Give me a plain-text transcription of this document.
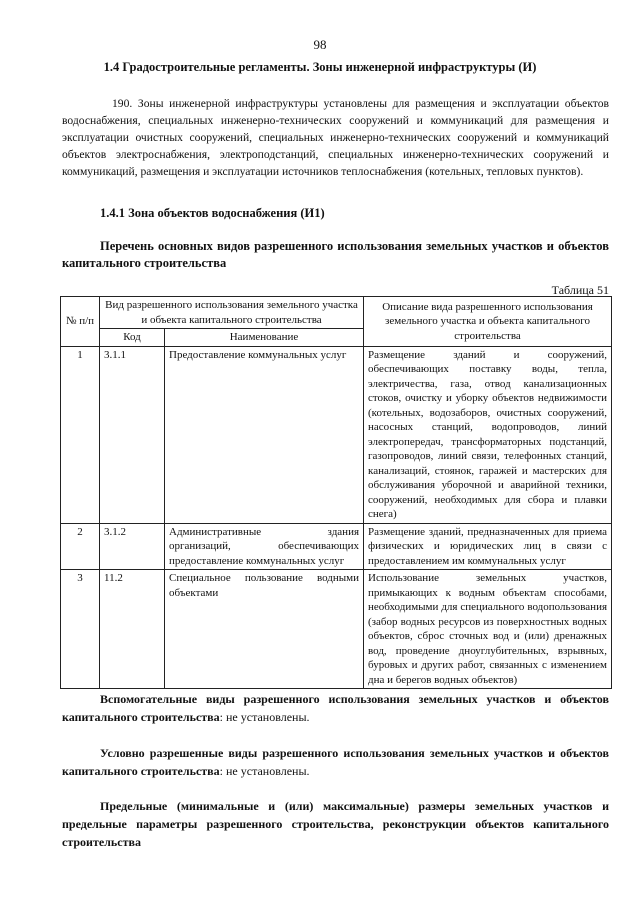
98
1.4 Градостроительные регламенты. Зоны инженерной инфраструктуры (И)

190. Зоны инженерной инфраструктуры установлены для размещения и эксплуатации объектов водоснабжения, специальных инженерно-технических сооружений и коммуникаций для размещения и эксплуатации очистных сооружений, специальных инженерно-технических сооружений и коммуникаций объектов электроснабжения, электроподстанций, специальных инженерно-технических сооружений и коммуникаций, размещения и эксплуатации источников теплоснабжения (котельных, тепловых пунктов).

1.4.1 Зона объектов водоснабжения (И1)

Перечень основных видов разрешенного использования земельных участков и объектов капитального строительства

Таблица 51
№ п/п	Вид разрешенного использования земельного участка и объекта капитального строительства		Описание вида разрешенного использования земельного участка и объекта капитального строительства
	Код	Наименование	
1	3.1.1	Предоставление коммунальных услуг	Размещение зданий и сооружений, обеспечивающих поставку воды, тепла, электричества, газа, отвод канализационных стоков, очистку и уборку объектов недвижимости (котельных, водозаборов, очистных сооружений, насосных станций, водопроводов, линий электропередач, трансформаторных подстанций, газопроводов, линий связи, телефонных станций, канализаций, стоянок, гаражей и мастерских для обслуживания уборочной и аварийной техники, сооружений, необходимых для сбора и плавки снега)
2	3.1.2	Административные здания организаций, обеспечивающих предоставление коммунальных услуг	Размещение зданий, предназначенных для приема физических и юридических лиц в связи с предоставлением им коммунальных услуг
3	11.2	Специальное пользование водными объектами	Использование земельных участков, примыкающих к водным объектам способами, необходимыми для специального водопользования (забор водных ресурсов из поверхностных водных объектов, сброс сточных вод и (или) дренажных вод, проведение дноуглубительных, взрывных, буровых и других работ, связанных с изменением дна и берегов водных объектов)

Вспомогательные виды разрешенного использования земельных участков и объектов капитального строительства: не установлены.

Условно разрешенные виды разрешенного использования земельных участков и объектов капитального строительства: не установлены.

Предельные (минимальные и (или) максимальные) размеры земельных участков и предельные параметры разрешенного строительства, реконструкции объектов капитального строительства
